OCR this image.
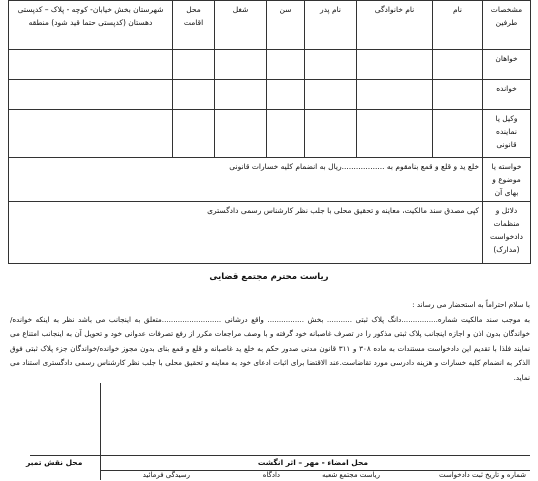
مشخصات طرفین	نام	نام خانوادگی	نام پدر	سن	شغل	محل اقامت	شهرستان بخش خیابان- کوچه - پلاک – کدپستی دهستان (کدپستی حتما قید شود) منطقه
خواهان							
خوانده							
وکیل یا نماینده قانونی							
خواسته یا موضوع و بهای آن	خلع ید و قلع و قمع بنامقوم به ..................ریال به انضمام کلیه خسارات قانونی						
دلائل و منظمات دادخواست (مدارک)	کپی مصدق سند مالکیت، معاینه و تحقیق محلی با جلب نظر کارشناس رسمی دادگستری						
ریاست محترم مجتمع قضایی

با سلام احتراماً به استحضار می رساند :

به موجب سند مالکیت شماره................دانگ پلاک ثبتی ........... بخش ................ واقع درشانی ..........................متعلق به اینجانب می باشد نظر به اینکه خوانده/خواندگان بدون اذن و اجازه اینجانب پلاک ثبتی مذکور را در تصرف غاصبانه خود گرفته و با وصف مراجعات مکرر از رفع تصرفات عدوانی خود و تحویل آن به اینجانب امتناع می نمایند فلذا با تقدیم این دادخواست مستندات به ماده ۳۰۸ و ۳۱۱ قانون مدنی صدور حکم به خلع ید غاصبانه و قلع و قمع بنای بدون مجوز خوانده/خواندگان جزء پلاک ثبتی فوق الذکر به انضمام کلیه خسارات و هزینه دادرسی مورد تقاضاست.عند الاقتضا برای اثبات ادعای خود به معاینه و تحقیق محلی با جلب نظر کارشناس رسمی دادگستری استناد می نماید.

محل امضاء - مهر – اثر انگشت
محل نقش تمبر
شماره و تاریخ ثبت دادخواست
ریاست مجتمع شعبه
دادگاه
رسیدگی فرمائید
